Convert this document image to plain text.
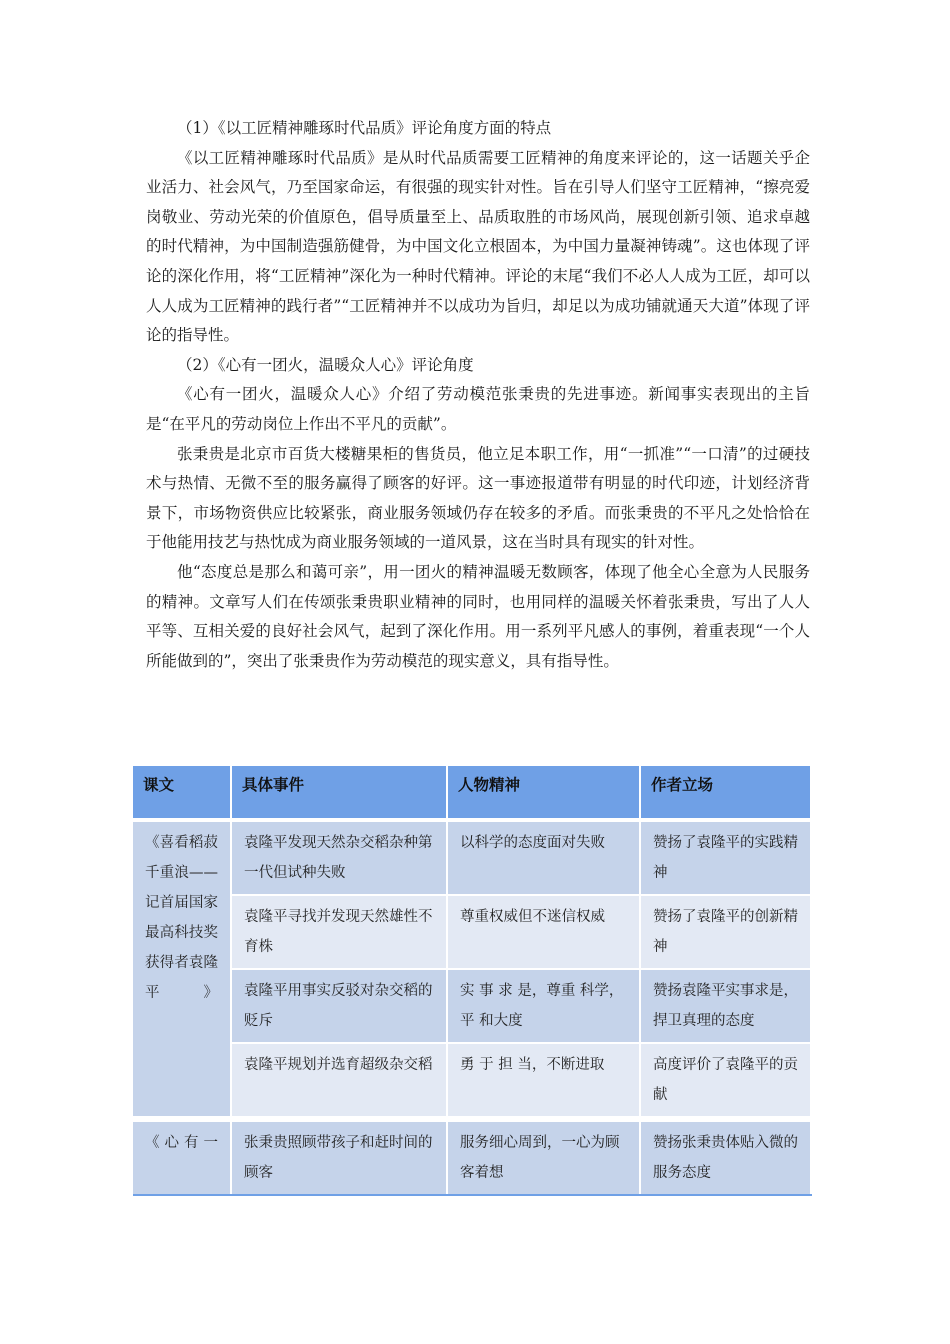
（1）《以工匠精神雕琢时代品质》评论角度方面的特点

《以工匠精神雕琢时代品质》是从时代品质需要工匠精神的角度来评论的，这一话题关乎企业活力、社会风气，乃至国家命运，有很强的现实针对性。旨在引导人们坚守工匠精神，“擦亮爱岗敬业、劳动光荣的价值原色，倡导质量至上、品质取胜的市场风尚，展现创新引领、追求卓越的时代精神，为中国制造强筋健骨，为中国文化立根固本，为中国力量凝神铸魂”。这也体现了评论的深化作用，将“工匠精神”深化为一种时代精神。评论的末尾“我们不必人人成为工匠，却可以人人成为工匠精神的践行者”“工匠精神并不以成功为旨归，却足以为成功铺就通天大道”体现了评论的指导性。

（2）《心有一团火，温暖众人心》评论角度

《心有一团火，温暖众人心》介绍了劳动模范张秉贵的先进事迹。新闻事实表现出的主旨是“在平凡的劳动岗位上作出不平凡的贡献”。

张秉贵是北京市百货大楼糖果柜的售货员，他立足本职工作，用“一抓准”“一口清”的过硬技术与热情、无微不至的服务赢得了顾客的好评。这一事迹报道带有明显的时代印迹，计划经济背景下，市场物资供应比较紧张，商业服务领域仍存在较多的矛盾。而张秉贵的不平凡之处恰恰在于他能用技艺与热忱成为商业服务领域的一道风景，这在当时具有现实的针对性。

他“态度总是那么和蔼可亲”，用一团火的精神温暖无数顾客，体现了他全心全意为人民服务的精神。文章写人们在传颂张秉贵职业精神的同时，也用同样的温暖关怀着张秉贵，写出了人人平等、互相关爱的良好社会风气，起到了深化作用。用一系列平凡感人的事例，着重表现“一个人所能做到的”，突出了张秉贵作为劳动模范的现实意义，具有指导性。

课文	具体事件	人物精神	作者立场

《喜看稻菽千重浪——记首届国家最高科技奖获得者袁隆平》	袁隆平发现天然杂交稻杂种第一代但试种失败	以科学的态度面对失败	赞扬了袁隆平的实践精神
	袁隆平寻找并发现天然雄性不育株	尊重权威但不迷信权威	赞扬了袁隆平的创新精神
	袁隆平用事实反驳对杂交稻的贬斥	实 事 求 是，尊重 科学，平 和大度	赞扬袁隆平实事求是，捍卫真理的态度
	袁隆平规划并选育超级杂交稻	勇 于 担 当，不断进取	高度评价了袁隆平的贡献

《心有一	张秉贵照顾带孩子和赶时间的顾客	服务细心周到，一心为顾客着想	赞扬张秉贵体贴入微的服务态度
